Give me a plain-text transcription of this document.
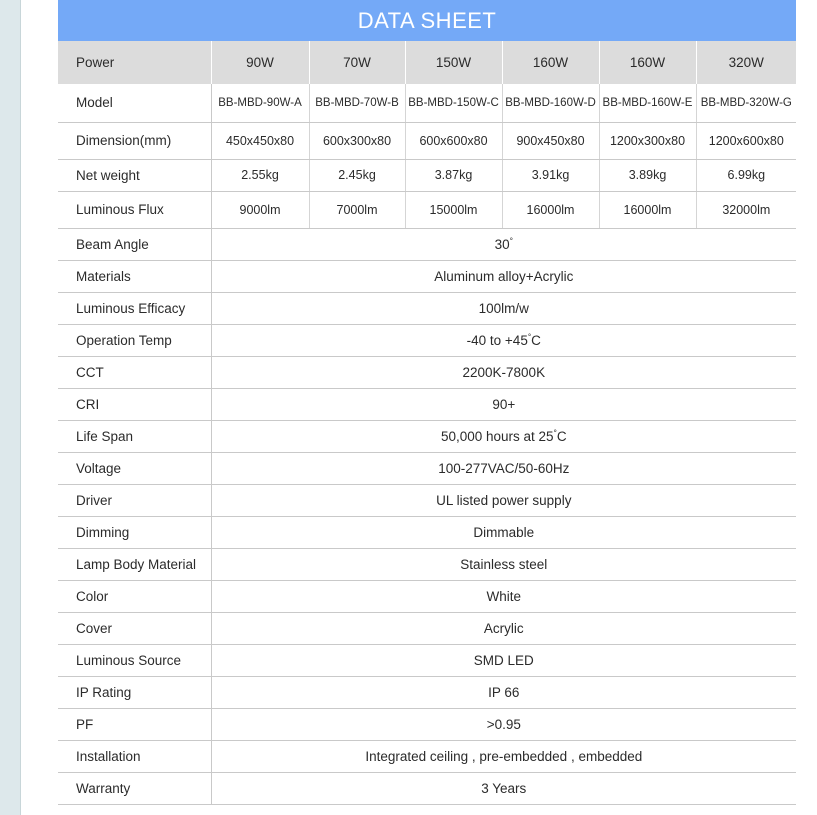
DATA SHEET						
Power	90W	70W	150W	160W	160W	320W
Model	BB-MBD-90W-A	BB-MBD-70W-B	BB-MBD-150W-C	BB-MBD-160W-D	BB-MBD-160W-E	BB-MBD-320W-G
Dimension(mm)	450x450x80	600x300x80	600x600x80	900x450x80	1200x300x80	1200x600x80
Net weight	2.55kg	2.45kg	3.87kg	3.91kg	3.89kg	6.99kg
Luminous Flux	9000lm	7000lm	15000lm	16000lm	16000lm	32000lm
Beam Angle	30°
Materials	Aluminum alloy+Acrylic					
Luminous Efficacy	100lm/w					
Operation Temp	-40 to +45°C					
CCT	2200K-7800K					
CRI	90+					
Life Span	50,000 hours at 25°C					
Voltage	100-277VAC/50-60Hz					
Driver	UL listed power supply					
Dimming	Dimmable					
Lamp Body Material	Stainless steel					
Color	White					
Cover	Acrylic					
Luminous Source	SMD LED					
IP Rating	IP 66					
PF	>0.95					
Installation	Integrated ceiling , pre-embedded , embedded					
Warranty	3 Years					
